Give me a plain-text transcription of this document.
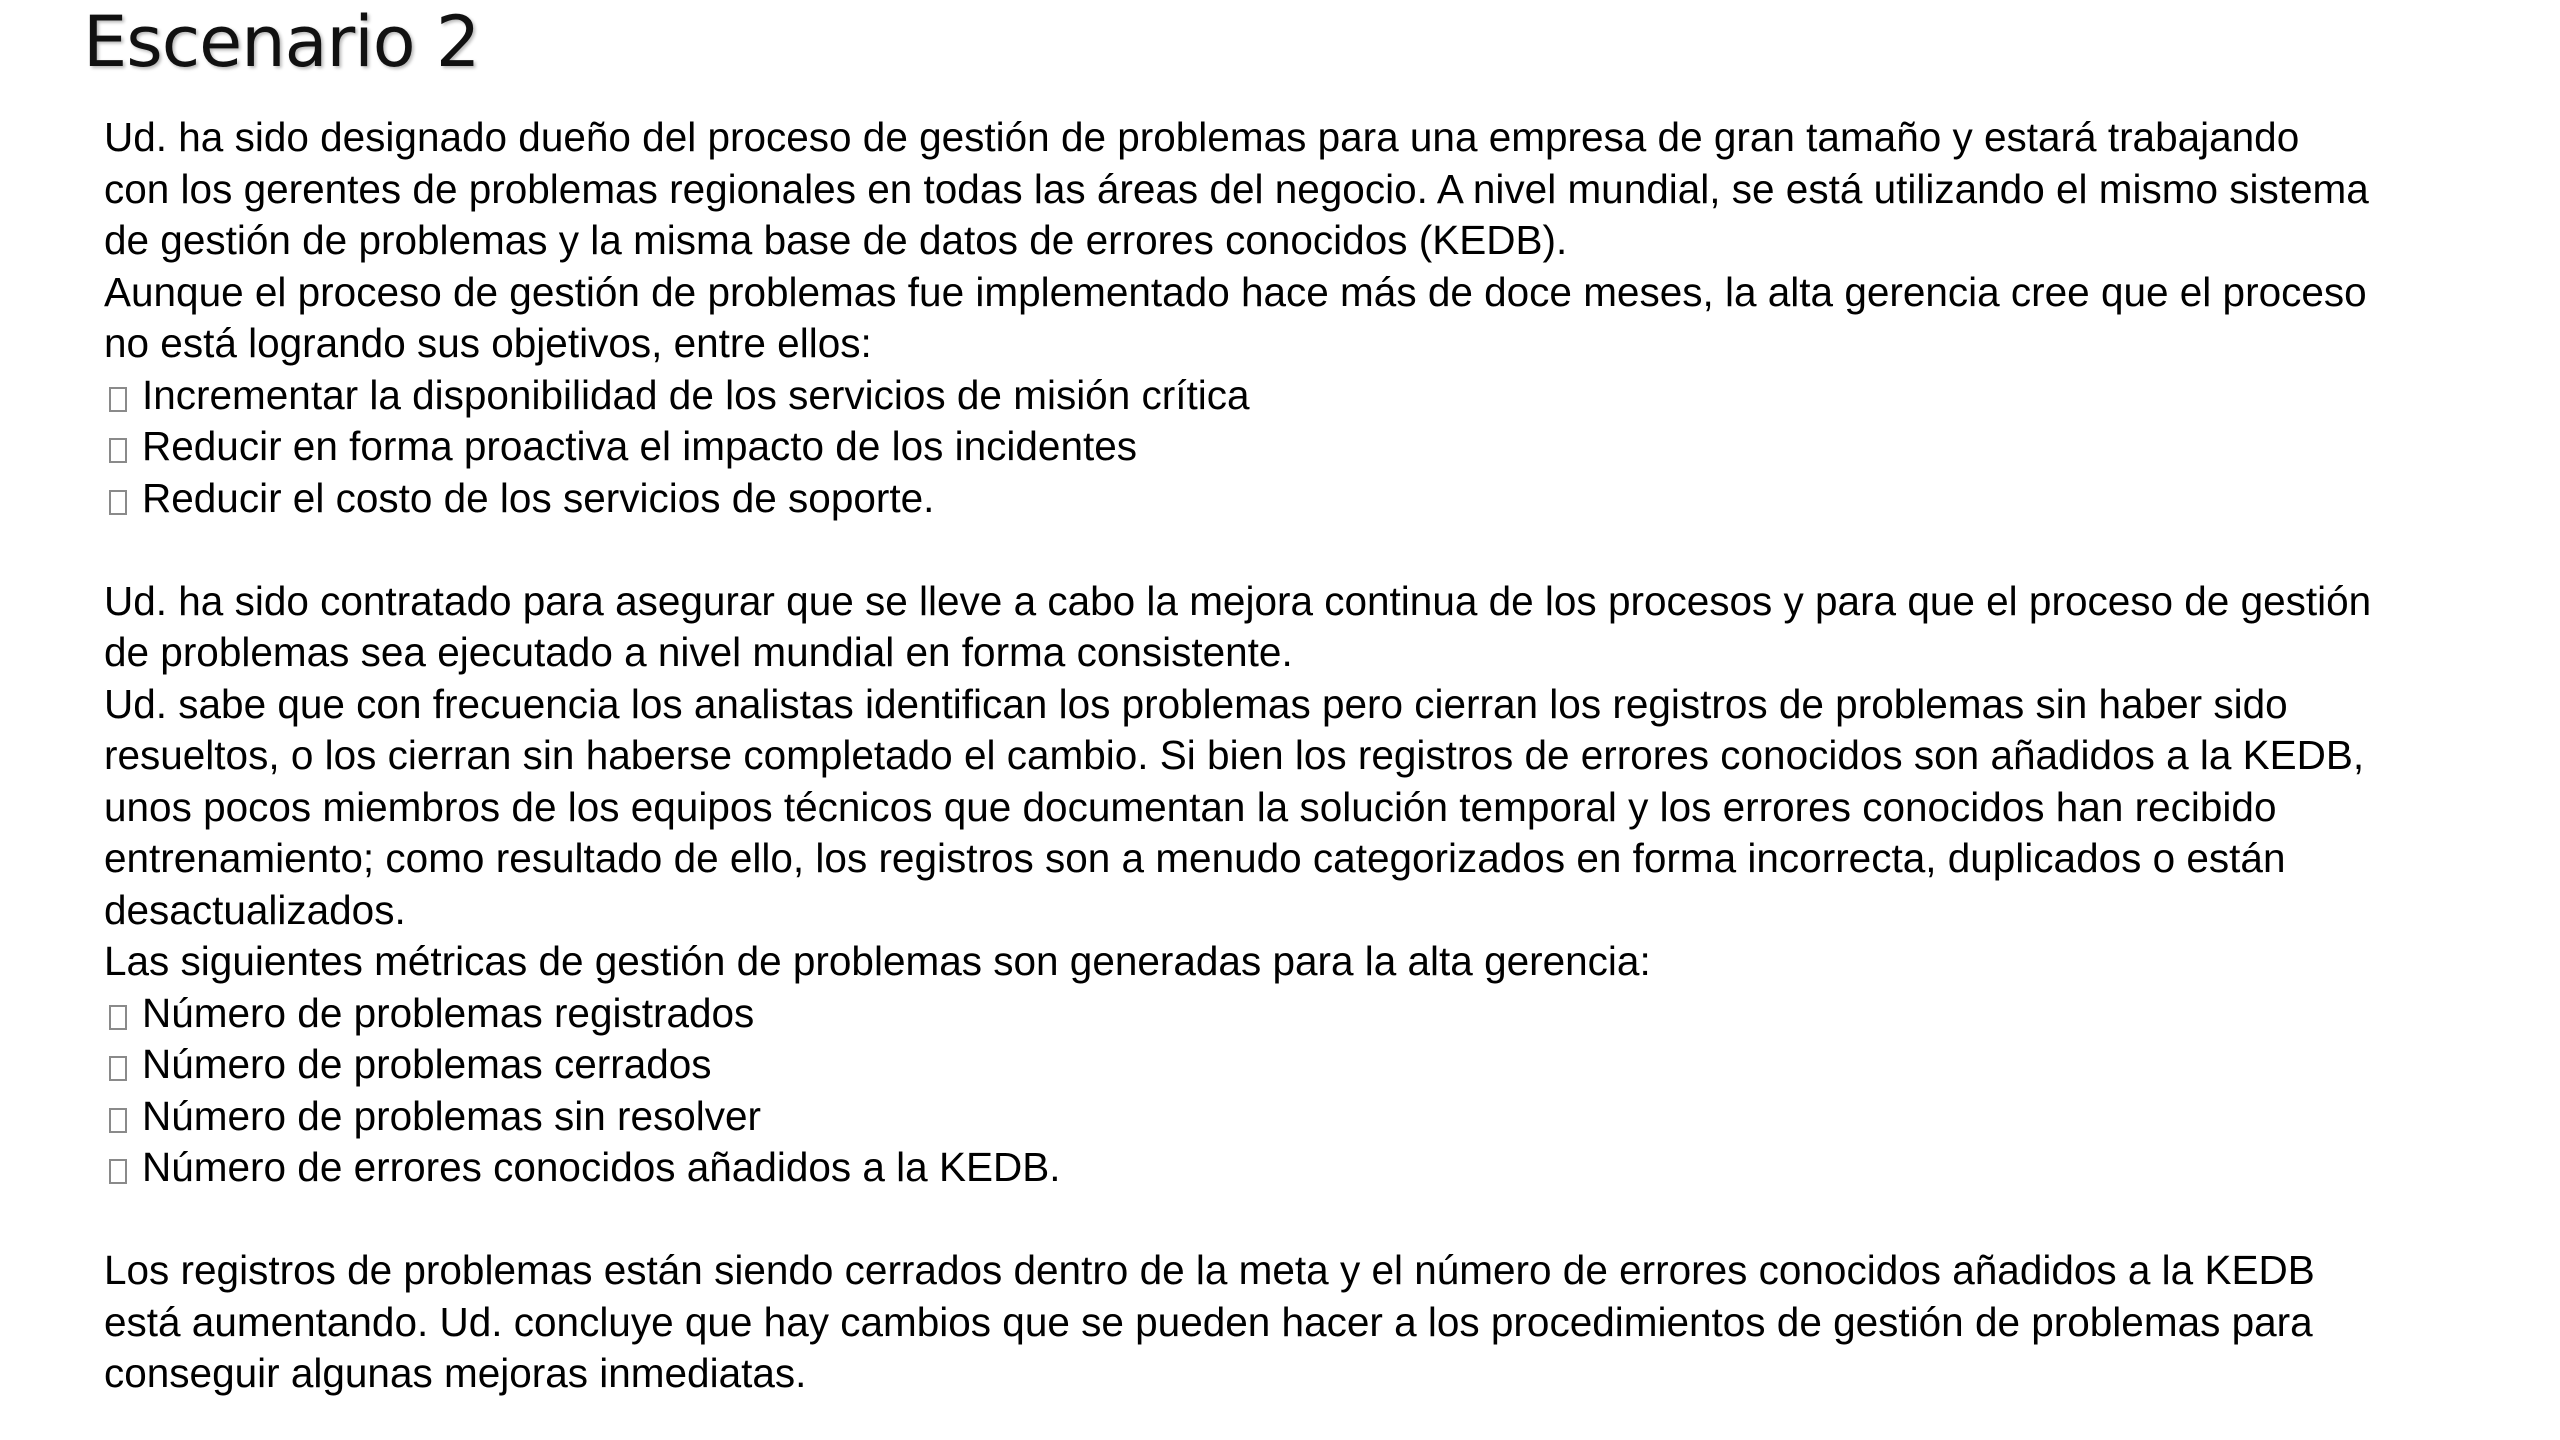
Escenario 2
Ud. ha sido designado dueño del proceso de gestión de problemas para una empresa de gran tamaño y estará trabajando
con los gerentes de problemas regionales en todas las áreas del negocio. A nivel mundial, se está utilizando el mismo sistema
de gestión de problemas y la misma base de datos de errores conocidos (KEDB).
Aunque el proceso de gestión de problemas fue implementado hace más de doce meses, la alta gerencia cree que el proceso
no está logrando sus objetivos, entre ellos:
Incrementar la disponibilidad de los servicios de misión crítica
Reducir en forma proactiva el impacto de los incidentes
Reducir el costo de los servicios de soporte.
Ud. ha sido contratado para asegurar que se lleve a cabo la mejora continua de los procesos y para que el proceso de gestión
de problemas sea ejecutado a nivel mundial en forma consistente.
Ud. sabe que con frecuencia los analistas identifican los problemas pero cierran los registros de problemas sin haber sido
resueltos, o los cierran sin haberse completado el cambio. Si bien los registros de errores conocidos son añadidos a la KEDB,
unos pocos miembros de los equipos técnicos que documentan la solución temporal y los errores conocidos han recibido
entrenamiento; como resultado de ello, los registros son a menudo categorizados en forma incorrecta, duplicados o están
desactualizados.
Las siguientes métricas de gestión de problemas son generadas para la alta gerencia:
Número de problemas registrados
Número de problemas cerrados
Número de problemas sin resolver
Número de errores conocidos añadidos a la KEDB.
Los registros de problemas están siendo cerrados dentro de la meta y el número de errores conocidos añadidos a la KEDB
está aumentando. Ud. concluye que hay cambios que se pueden hacer a los procedimientos de gestión de problemas para
conseguir algunas mejoras inmediatas.
